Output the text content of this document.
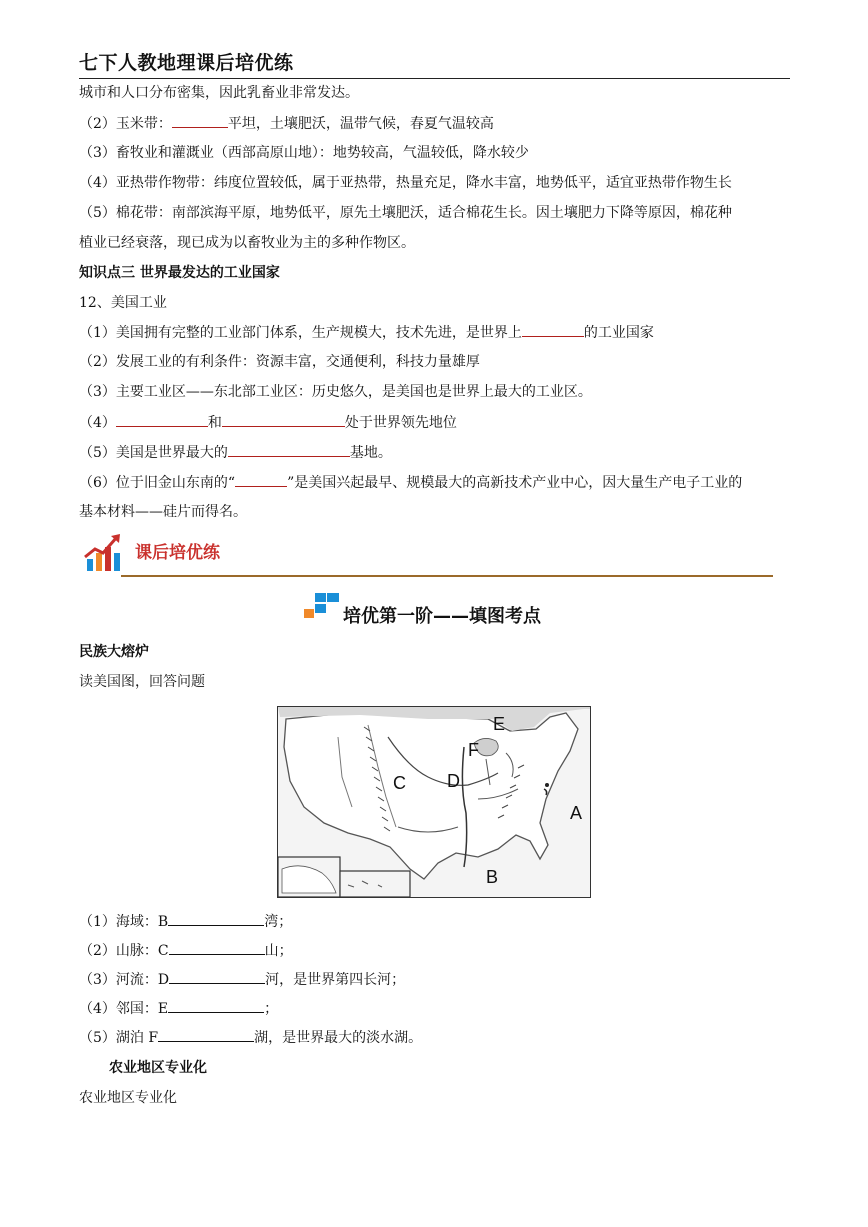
七下人教地理课后培优练
城市和人口分布密集，因此乳畜业非常发达。
（2）玉米带：	平坦，土壤肥沃，温带气候，春夏气温较高
（3）畜牧业和灌溉业（西部高原山地）：地势较高，气温较低，降水较少
（4）亚热带作物带：纬度位置较低，属于亚热带，热量充足，降水丰富，地势低平，适宜亚热带作物生长
（5）棉花带：南部滨海平原，地势低平，原先土壤肥沃，适合棉花生长。因土壤肥力下降等原因，棉花种
植业已经衰落，现已成为以畜牧业为主的多种作物区。
知识点三 世界最发达的工业国家
12、美国工业
（1）美国拥有完整的工业部门体系，生产规模大，技术先进，是世界上	的工业国家
（2）发展工业的有利条件：资源丰富，交通便利，科技力量雄厚
（3）主要工业区——东北部工业区：历史悠久，是美国也是世界上最大的工业区。
（4）	和	处于世界领先地位
（5）美国是世界最大的	基地。
（6）位于旧金山东南的“	”是美国兴起最早、规模最大的高新技术产业中心，因大量生产电子工业的
基本材料——硅片而得名。
课后培优练
培优第一阶——填图考点
民族大熔炉
读美国图，回答问题
A
B
C D
E
F
（1）海域：B	湾；
（2）山脉：C	山；
（3）河流：D	河，是世界第四长河；
（4）邻国：E	；
（5）湖泊 F	湖，是世界最大的淡水湖。
农业地区专业化
农业地区专业化
